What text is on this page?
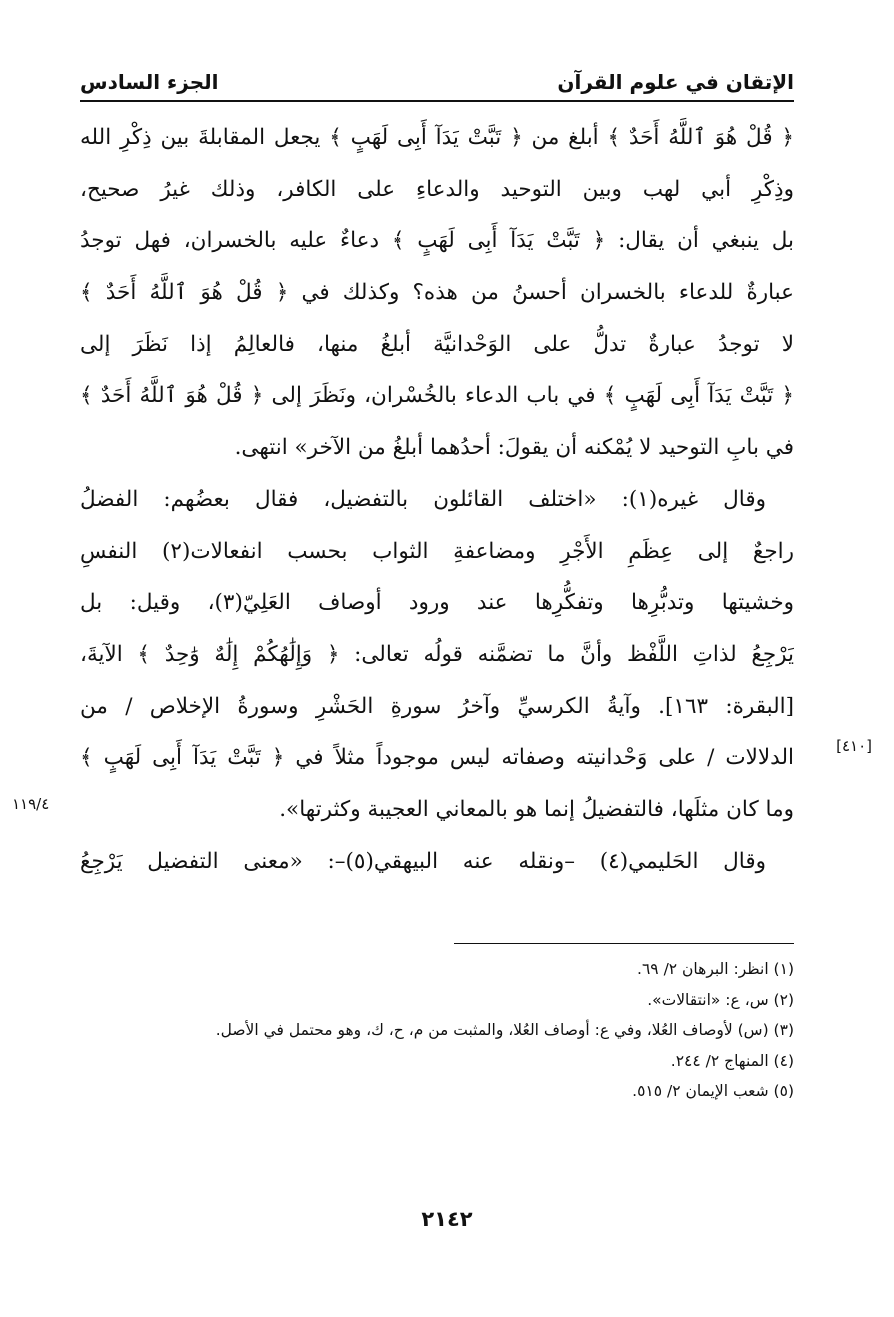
الإتقان في علوم القرآن
الجزء السادس
[٤١٠]
١١٩/٤
﴿ قُلْ هُوَ ٱللَّهُ أَحَدٌ ﴾ أبلغ من ﴿ تَبَّتْ يَدَآ أَبِى لَهَبٍ ﴾ يجعل المقابلةَ بين ذِكْرِ الله
وذِكْرِ أبي لهب وبين التوحيد والدعاءِ على الكافر، وذلك غيرُ صحيح،
بل ينبغي أن يقال: ﴿ تَبَّتْ يَدَآ أَبِى لَهَبٍ ﴾ دعاءٌ عليه بالخسران، فهل توجدُ
عبارةٌ للدعاء بالخسران أحسنُ من هذه؟ وكذلك في ﴿ قُلْ هُوَ ٱللَّهُ أَحَدٌ ﴾
لا توجدُ عبارةٌ تدلُّ على الوَحْدانيَّة أبلغُ منها، فالعالِمُ إذا نَظَرَ إلى
﴿ تَبَّتْ يَدَآ أَبِى لَهَبٍ ﴾ في باب الدعاء بالخُسْران، ونَظَرَ إلى ﴿ قُلْ هُوَ ٱللَّهُ أَحَدٌ ﴾
في بابِ التوحيد لا يُمْكنه أن يقولَ: أحدُهما أبلغُ من الآخر» انتهى.
وقال غيره(١): «اختلف القائلون بالتفضيل، فقال بعضُهم: الفضلُ
راجعٌ إلى عِظَمِ الأَجْرِ ومضاعفةِ الثواب بحسب انفعالات(٢) النفسِ
وخشيتها وتدبُّرِها وتفكُّرِها عند ورود أوصاف العَلِيّ(٣)، وقيل: بل
يَرْجِعُ لذاتِ اللَّفْظ وأنَّ ما تضمَّنه قولُه تعالى: ﴿ وَإِلَٰهُكُمْ إِلَٰهٌ وَٰحِدٌ ﴾ الآيةَ،
[البقرة: ١٦٣]. وآيةُ الكرسيِّ وآخرُ سورةِ الحَشْرِ وسورةُ الإخلاص / من
الدلالات / على وَحْدانيته وصفاته ليس موجوداً مثلاً في ﴿ تَبَّتْ يَدَآ أَبِى لَهَبٍ ﴾
وما كان مثلَها، فالتفضيلُ إنما هو بالمعاني العجيبة وكثرتها».
وقال الحَليمي(٤) –ونقله عنه البيهقي(٥)–: «معنى التفضيل يَرْجِعُ
(١) انظر: البرهان ٢/ ٦٩.
(٢) س، ع: «انتقالات».
(٣) (س) لأوصاف العُلا، وفي ع: أوصاف العُلا، والمثبت من م، ح، ك، وهو محتمل في الأصل.
(٤) المنهاج ٢/ ٢٤٤.
(٥) شعب الإيمان ٢/ ٥١٥.
٢١٤٢
